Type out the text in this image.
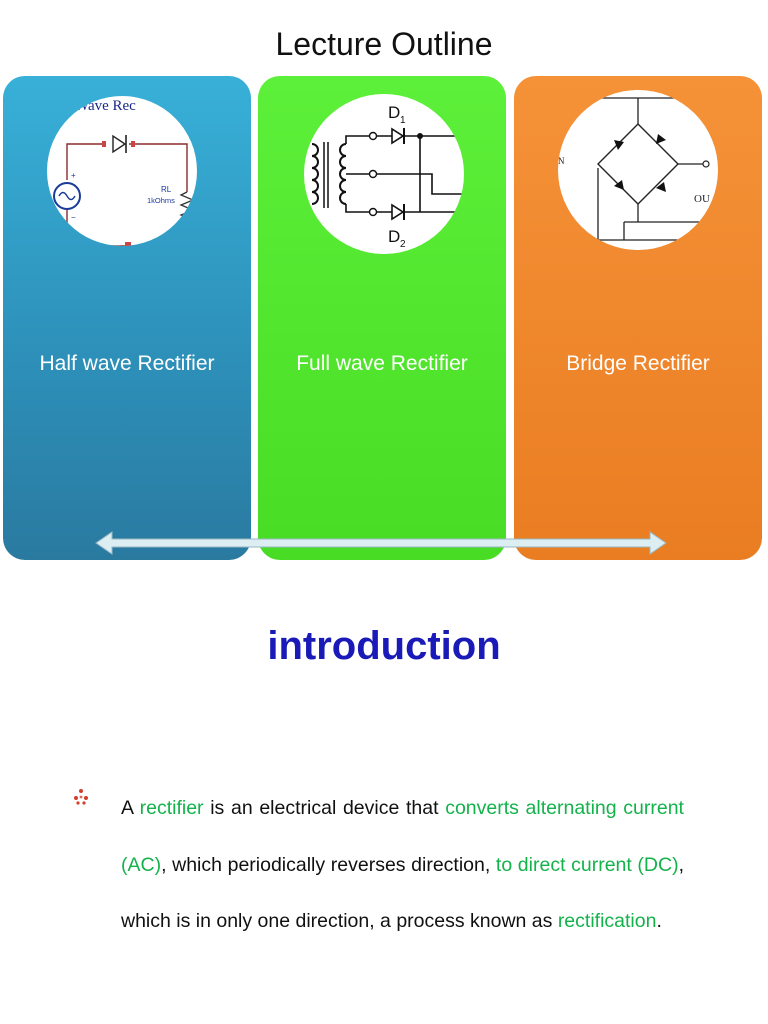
Lecture Outline
Wave Rec
+
−
RL
1kOhms
Half wave Rectifier
D 1
D 2
Full wave Rectifier
N
OU
Bridge Rectifier
introduction
A rectifier is an electrical device that converts alternating current (AC), which periodically reverses direction, to direct current (DC), which is in only one direction, a process known as rectification.
